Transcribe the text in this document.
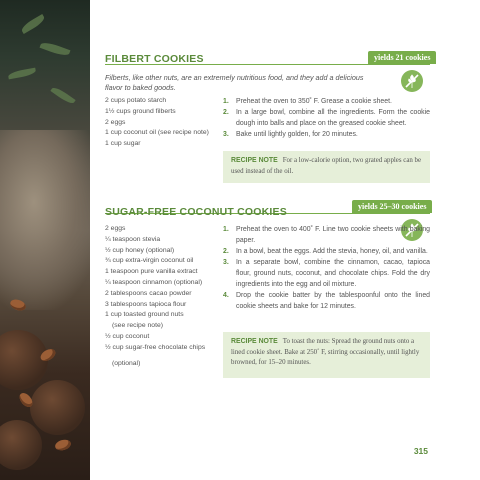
yields 21 cookies
FILBERT COOKIES
Filberts, like other nuts, are an extremely nutritious food, and they add a delicious flavor to baked goods.
2 cups potato starch
1½ cups ground filberts
2 eggs
1 cup coconut oil (see recipe note)
1 cup sugar
1. Preheat the oven to 350˚ F. Grease a cookie sheet.
2. In a large bowl, combine all the ingredients. Form the cookie dough into balls and place on the greased cookie sheet.
3. Bake until lightly golden, for 20 minutes.
RECIPE NOTE For a low-calorie option, two grated apples can be used instead of the oil.
yields 25–30 cookies
SUGAR-FREE COCONUT COOKIES
2 eggs
¼ teaspoon stevia
½ cup honey (optional)
¾ cup extra-virgin coconut oil
1 teaspoon pure vanilla extract
¼ teaspoon cinnamon (optional)
2 tablespoons cacao powder
3 tablespoons tapioca flour
1 cup toasted ground nuts
(see recipe note)
½ cup coconut
½ cup sugar-free chocolate chips
(optional)
1. Preheat the oven to 400˚ F. Line two cookie sheets with baking paper.
2. In a bowl, beat the eggs. Add the stevia, honey, oil, and vanilla.
3. In a separate bowl, combine the cinnamon, cacao, tapioca flour, ground nuts, coconut, and chocolate chips. Fold the dry ingredients into the egg and oil mixture.
4. Drop the cookie batter by the tablespoonful onto the lined cookie sheets and bake for 12 minutes.
RECIPE NOTE To toast the nuts: Spread the ground nuts onto a lined cookie sheet. Bake at 250˚ F, stirring occasionally, until lightly browned, for 15–20 minutes.
315
